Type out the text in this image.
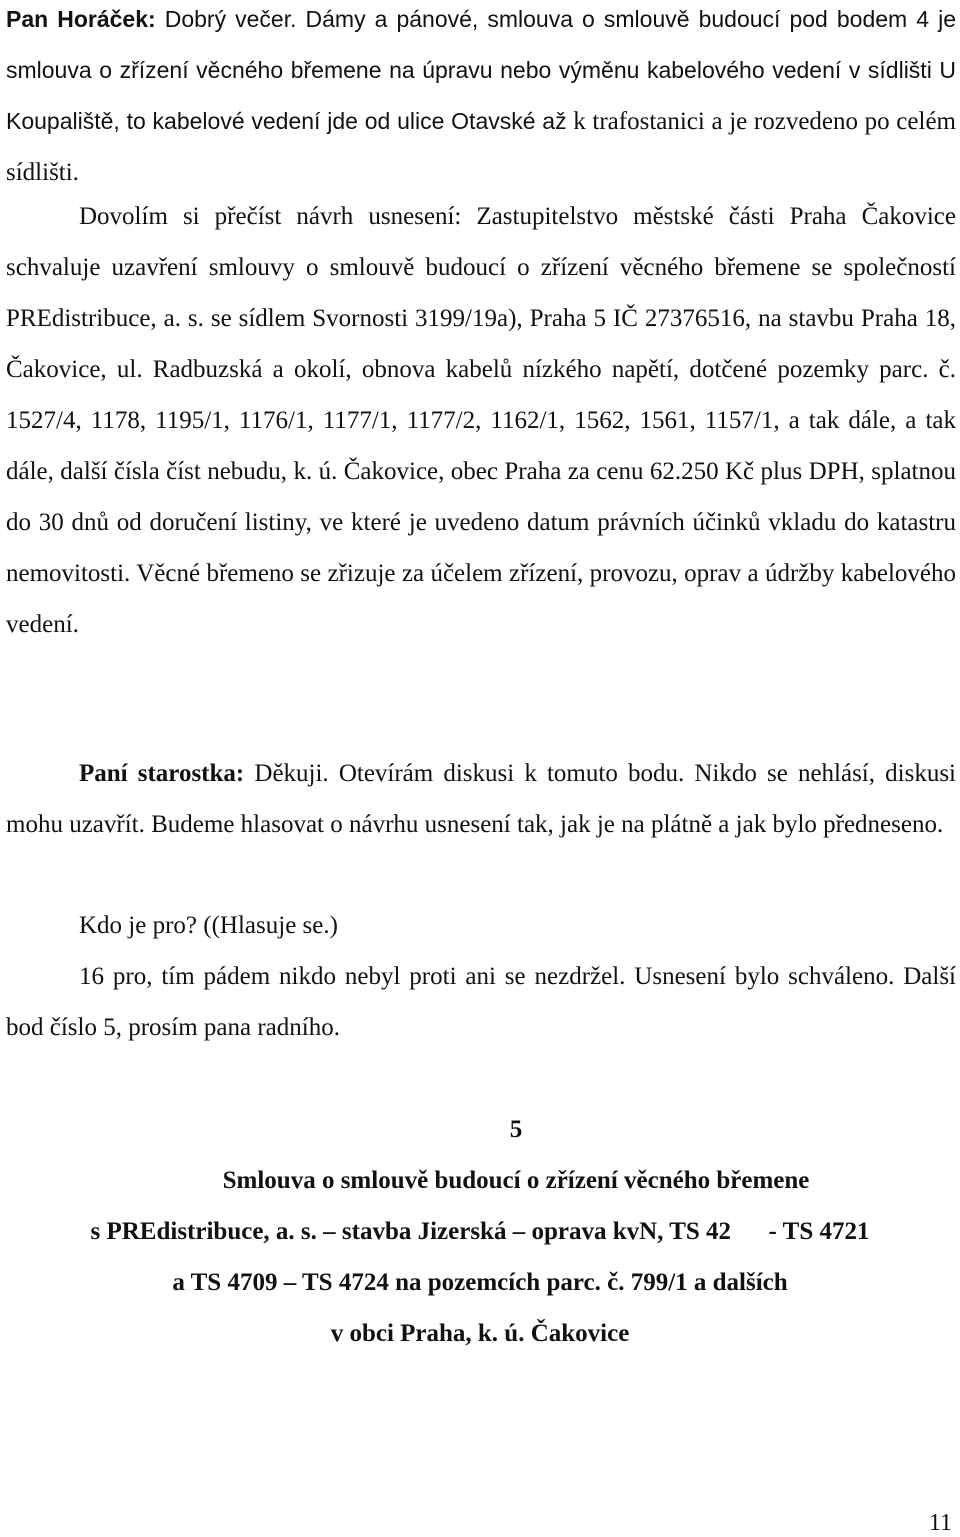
Pan Horáček: Dobrý večer. Dámy a pánové, smlouva o smlouvě budoucí pod bodem 4 je smlouva o zřízení věcného břemene na úpravu nebo výměnu kabelového vedení v sídlišti U Koupaliště, to kabelové vedení jde od ulice Otavské až k trafostanici a je rozvedeno po celém sídlišti.

Dovolím si přečíst návrh usnesení: Zastupitelstvo městské části Praha Čakovice schvaluje uzavření smlouvy o smlouvě budoucí o zřízení věcného břemene se společností PREdistribuce, a. s. se sídlem Svornosti 3199/19a), Praha 5 IČ 27376516, na stavbu Praha 18, Čakovice, ul. Radbuzská a okolí, obnova kabelů nízkého napětí, dotčené pozemky parc. č. 1527/4, 1178, 1195/1, 1176/1, 1177/1, 1177/2, 1162/1, 1562, 1561, 1157/1, a tak dále, a tak dále, další čísla číst nebudu, k. ú. Čakovice, obec Praha za cenu 62.250 Kč plus DPH, splatnou do 30 dnů od doručení listiny, ve které je uvedeno datum právních účinků vkladu do katastru nemovitosti. Věcné břemeno se zřizuje za účelem zřízení, provozu, oprav a údržby kabelového vedení.

Paní starostka: Děkuji. Otevírám diskusi k tomuto bodu. Nikdo se nehlásí, diskusi mohu uzavřít. Budeme hlasovat o návrhu usnesení tak, jak je na plátně a jak bylo předneseno.

Kdo je pro? ((Hlasuje se.)

16 pro, tím pádem nikdo nebyl proti ani se nezdržel. Usnesení bylo schváleno. Další bod číslo 5, prosím pana radního.

5

Smlouva o smlouvě budoucí o zřízení věcného břemene

s PREdistribuce, a. s. – stavba Jizerská – oprava kvN, TS 42      - TS 4721

a TS 4709 – TS 4724 na pozemcích parc. č. 799/1 a dalších

v obci Praha, k. ú. Čakovice

11
